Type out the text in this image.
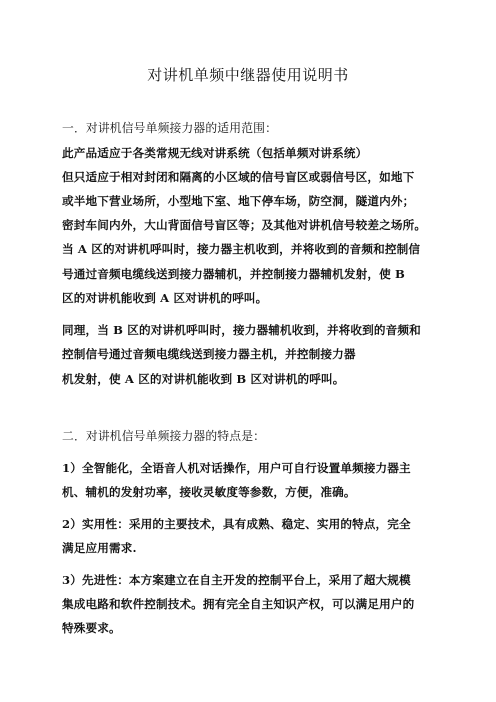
对讲机单频中继器使用说明书
一．对讲机信号单频接力器的适用范围：
此产品适应于各类常规无线对讲系统（包括单频对讲系统）
但只适应于相对封闭和隔离的小区域的信号盲区或弱信号区，如地下
或半地下营业场所，小型地下室、地下停车场，防空洞，隧道内外；
密封车间内外，大山背面信号盲区等；及其他对讲机信号较差之场所。
当 A 区的对讲机呼叫时，接力器主机收到，并将收到的音频和控制信
号通过音频电缆线送到接力器辅机，并控制接力器辅机发射，使 B
区的对讲机能收到 A 区对讲机的呼叫。
同理，当 B 区的对讲机呼叫时，接力器辅机收到，并将收到的音频和
控制信号通过音频电缆线送到接力器主机，并控制接力器
机发射，使 A 区的对讲机能收到 B 区对讲机的呼叫。
二．对讲机信号单频接力器的特点是：
1）全智能化，全语音人机对话操作，用户可自行设置单频接力器主
机、辅机的发射功率，接收灵敏度等参数，方便，准确。
2）实用性：采用的主要技术，具有成熟、稳定、实用的特点，完全
满足应用需求.
3）先进性：本方案建立在自主开发的控制平台上，采用了超大规模
集成电路和软件控制技术。拥有完全自主知识产权，可以满足用户的
特殊要求。
